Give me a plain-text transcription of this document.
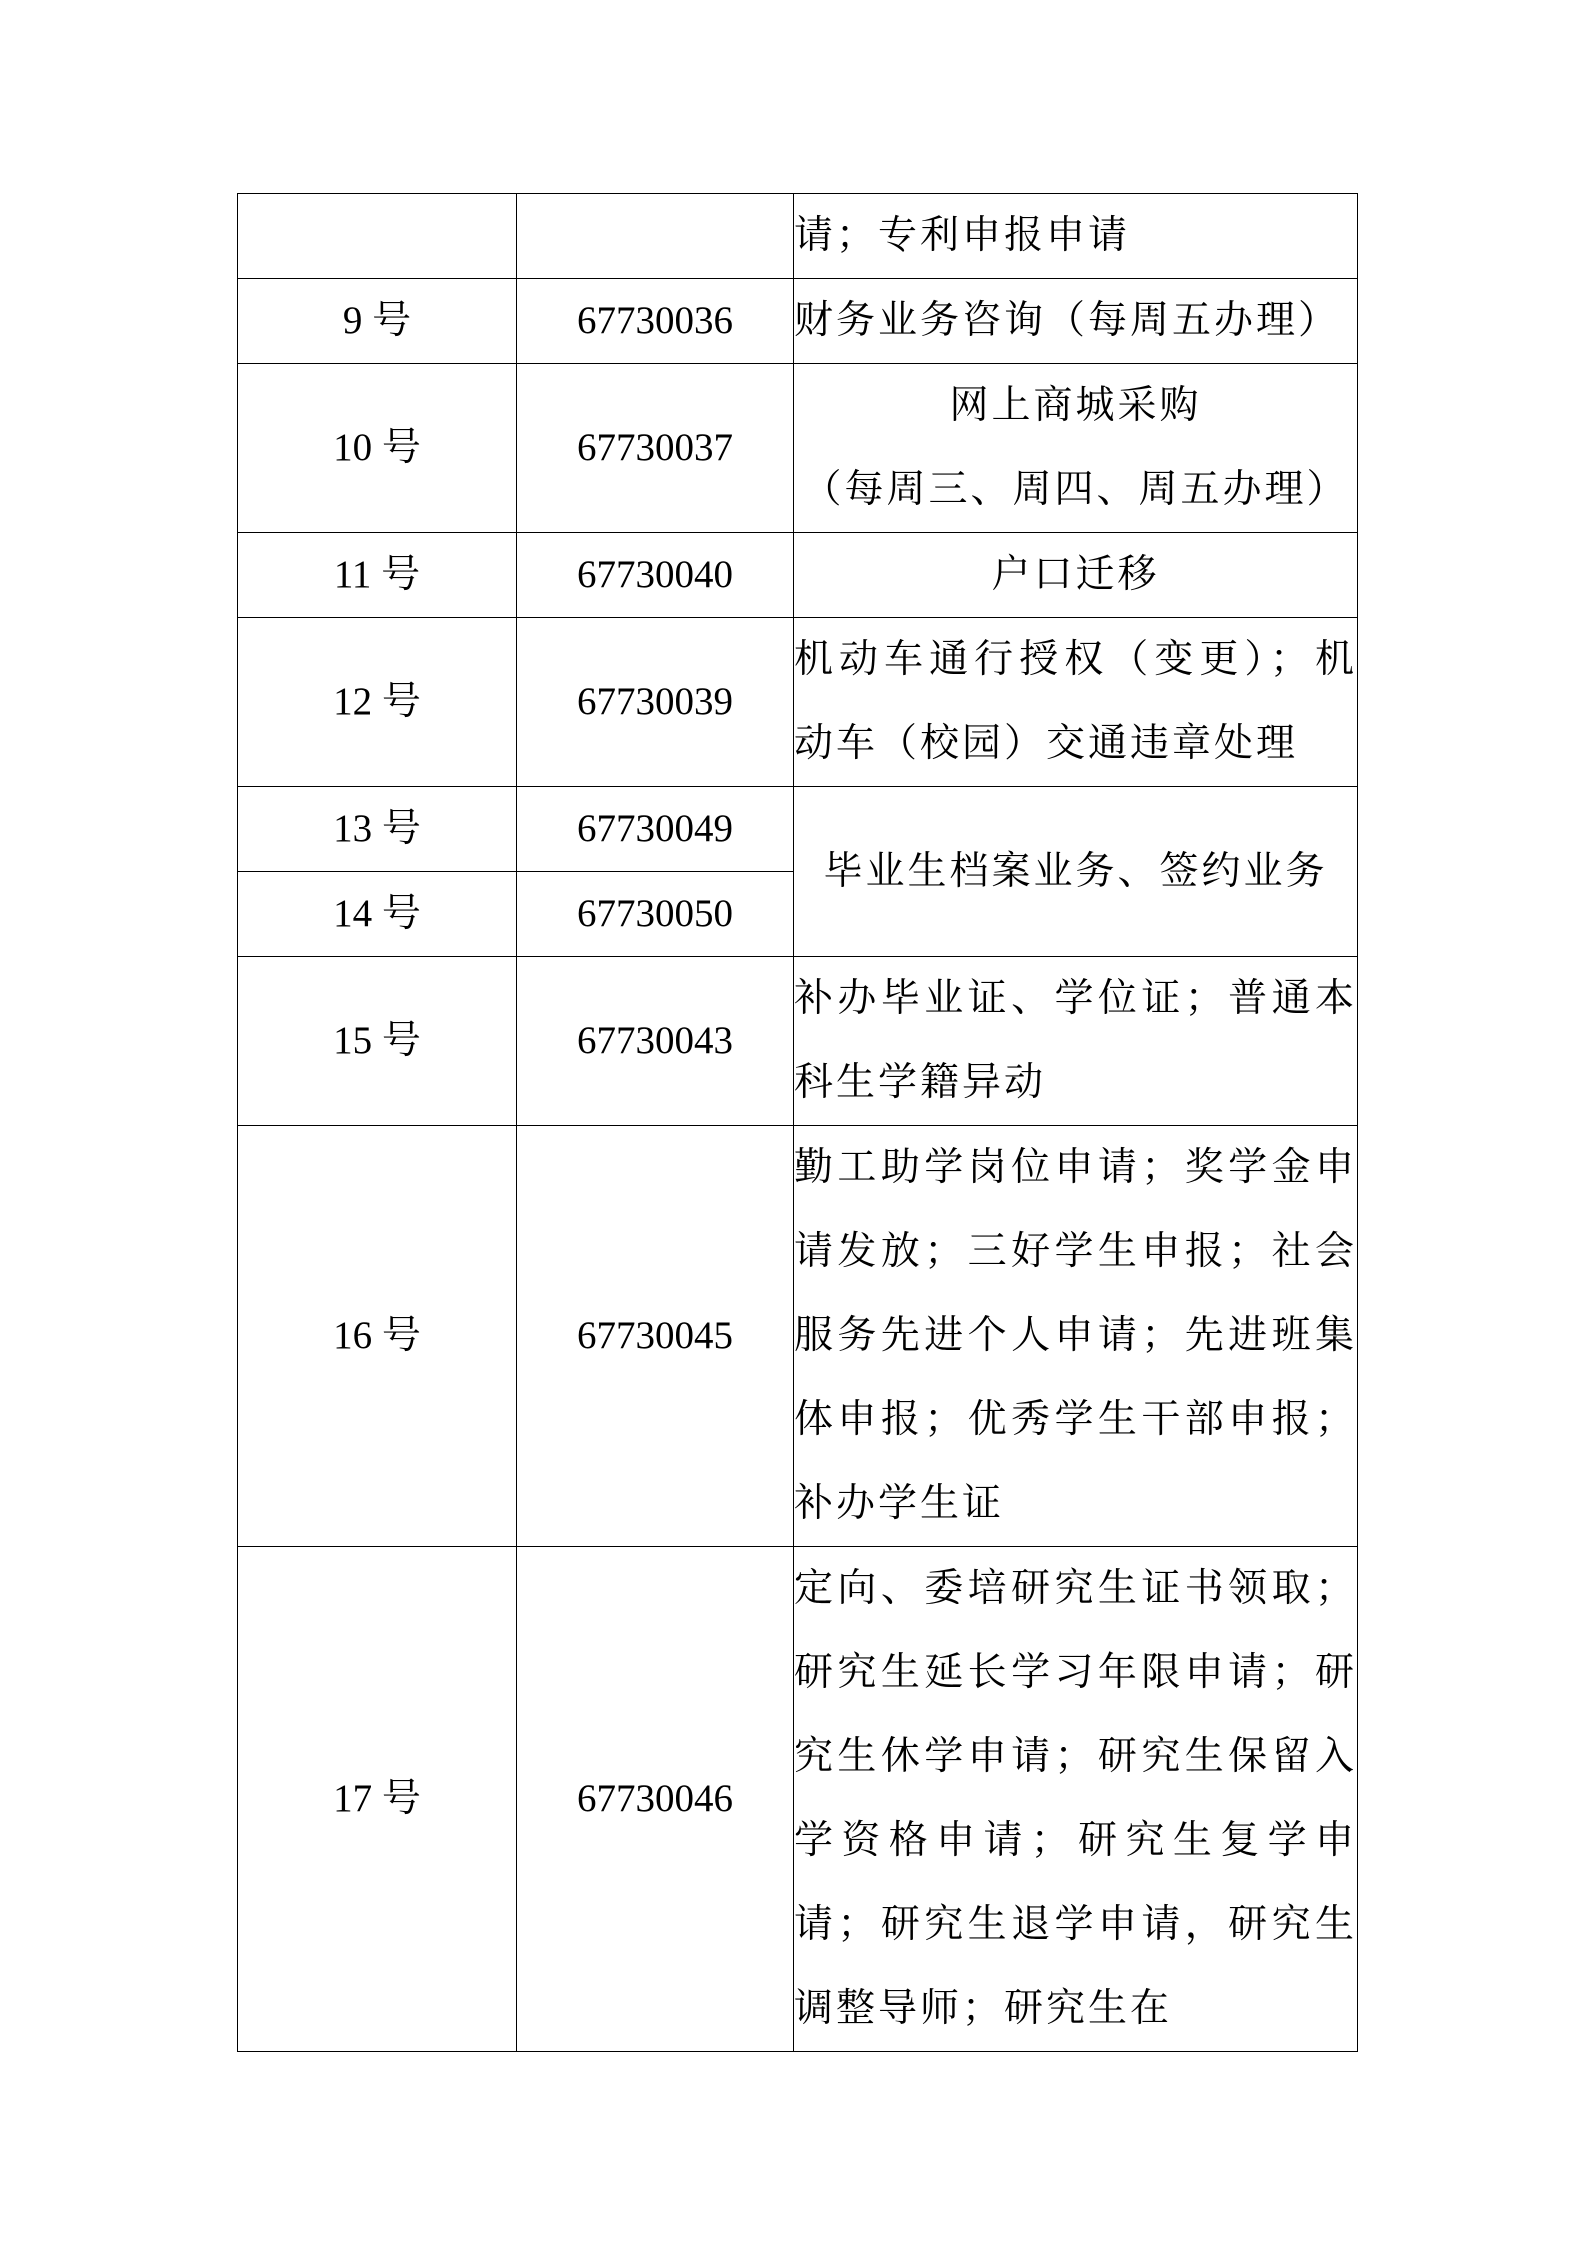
		请；专利申报申请
9 号	67730036	财务业务咨询（每周五办理）
10 号	67730037	网上商城采购
（每周三、周四、周五办理）

11 号	67730040	户口迁移
12 号	67730039	机动车通行授权（变更）；机动车（校园）交通违章处理
13 号	67730049	毕业生档案业务、签约业务
14 号	67730050	
15 号	67730043	补办毕业证、学位证；普通本科生学籍异动
16 号	67730045	勤工助学岗位申请；奖学金申请发放；三好学生申报；社会服务先进个人申请；先进班集体申报；优秀学生干部申报；补办学生证
17 号	67730046	定向、委培研究生证书领取；研究生延长学习年限申请；研究生休学申请；研究生保留入学资格申请；研究生复学申请；研究生退学申请，研究生调整导师；研究生在
